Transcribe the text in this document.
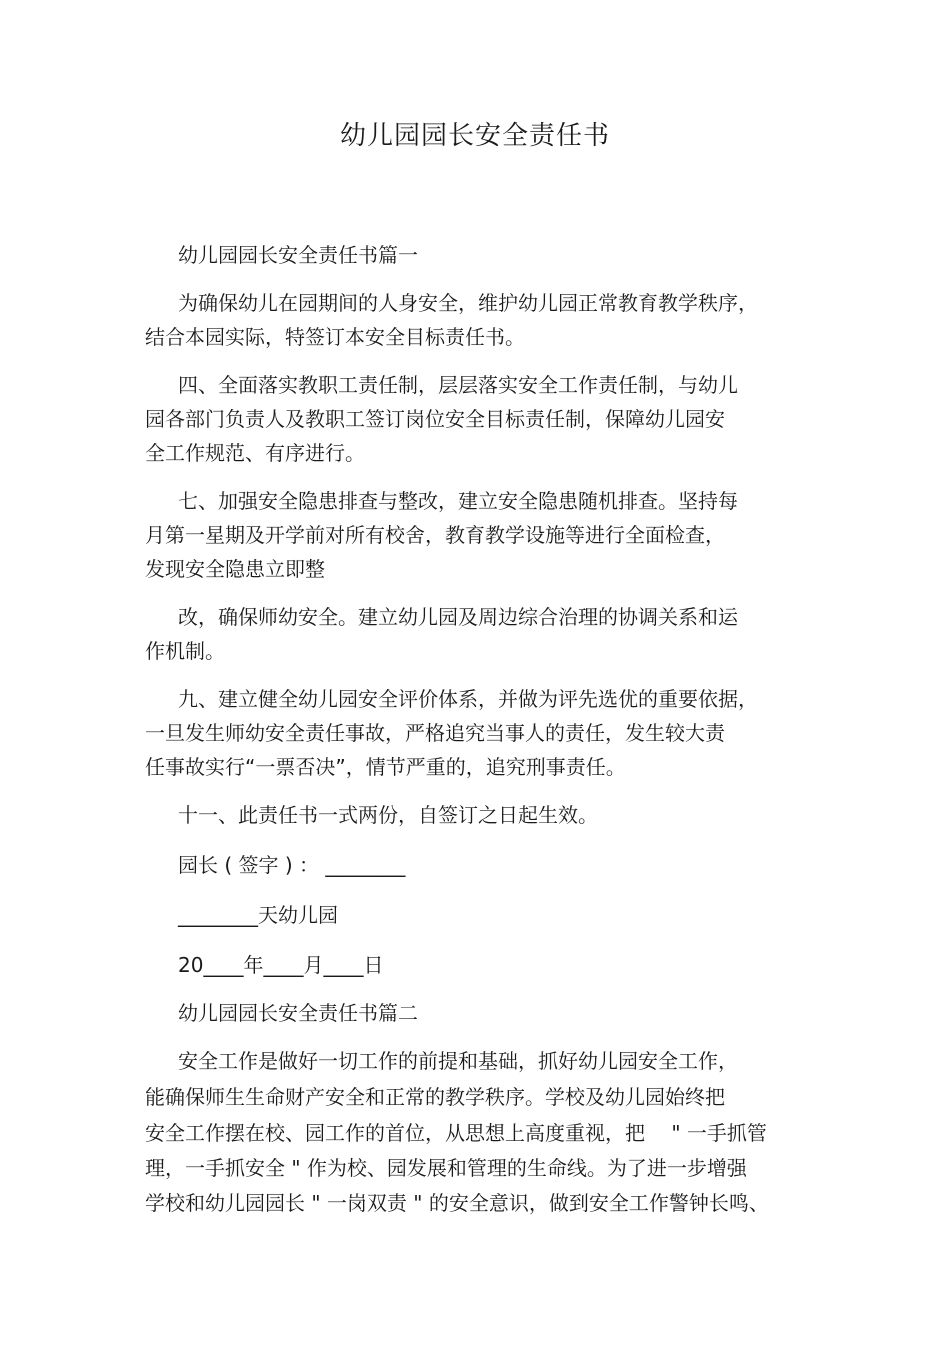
幼儿园园长安全责任书
幼儿园园长安全责任书篇一
为确保幼儿在园期间的人身安全，维护幼儿园正常教育教学秩序，
结合本园实际，特签订本安全目标责任书。
四、全面落实教职工责任制，层层落实安全工作责任制，与幼儿
园各部门负责人及教职工签订岗位安全目标责任制，保障幼儿园安
全工作规范、有序进行。
七、加强安全隐患排查与整改，建立安全隐患随机排查。坚持每
月第一星期及开学前对所有校舍，教育教学设施等进行全面检查，
发现安全隐患立即整
改，确保师幼安全。建立幼儿园及周边综合治理的协调关系和运
作机制。
九、建立健全幼儿园安全评价体系，并做为评先选优的重要依据，
一旦发生师幼安全责任事故，严格追究当事人的责任，发生较大责
任事故实行“一票否决”，情节严重的，追究刑事责任。
十一、此责任书一式两份，自签订之日起生效。
园长 ( 签字 ) ： ________
________天幼儿园
20____年____月____日
幼儿园园长安全责任书篇二
安全工作是做好一切工作的前提和基础，抓好幼儿园安全工作，
能确保师生生命财产安全和正常的教学秩序。学校及幼儿园始终把
安全工作摆在校、园工作的首位，从思想上高度重视，把　 " 一手抓管
理，一手抓安全 " 作为校、园发展和管理的生命线。为了进一步增强
学校和幼儿园园长 " 一岗双责 " 的安全意识，做到安全工作警钟长鸣、
